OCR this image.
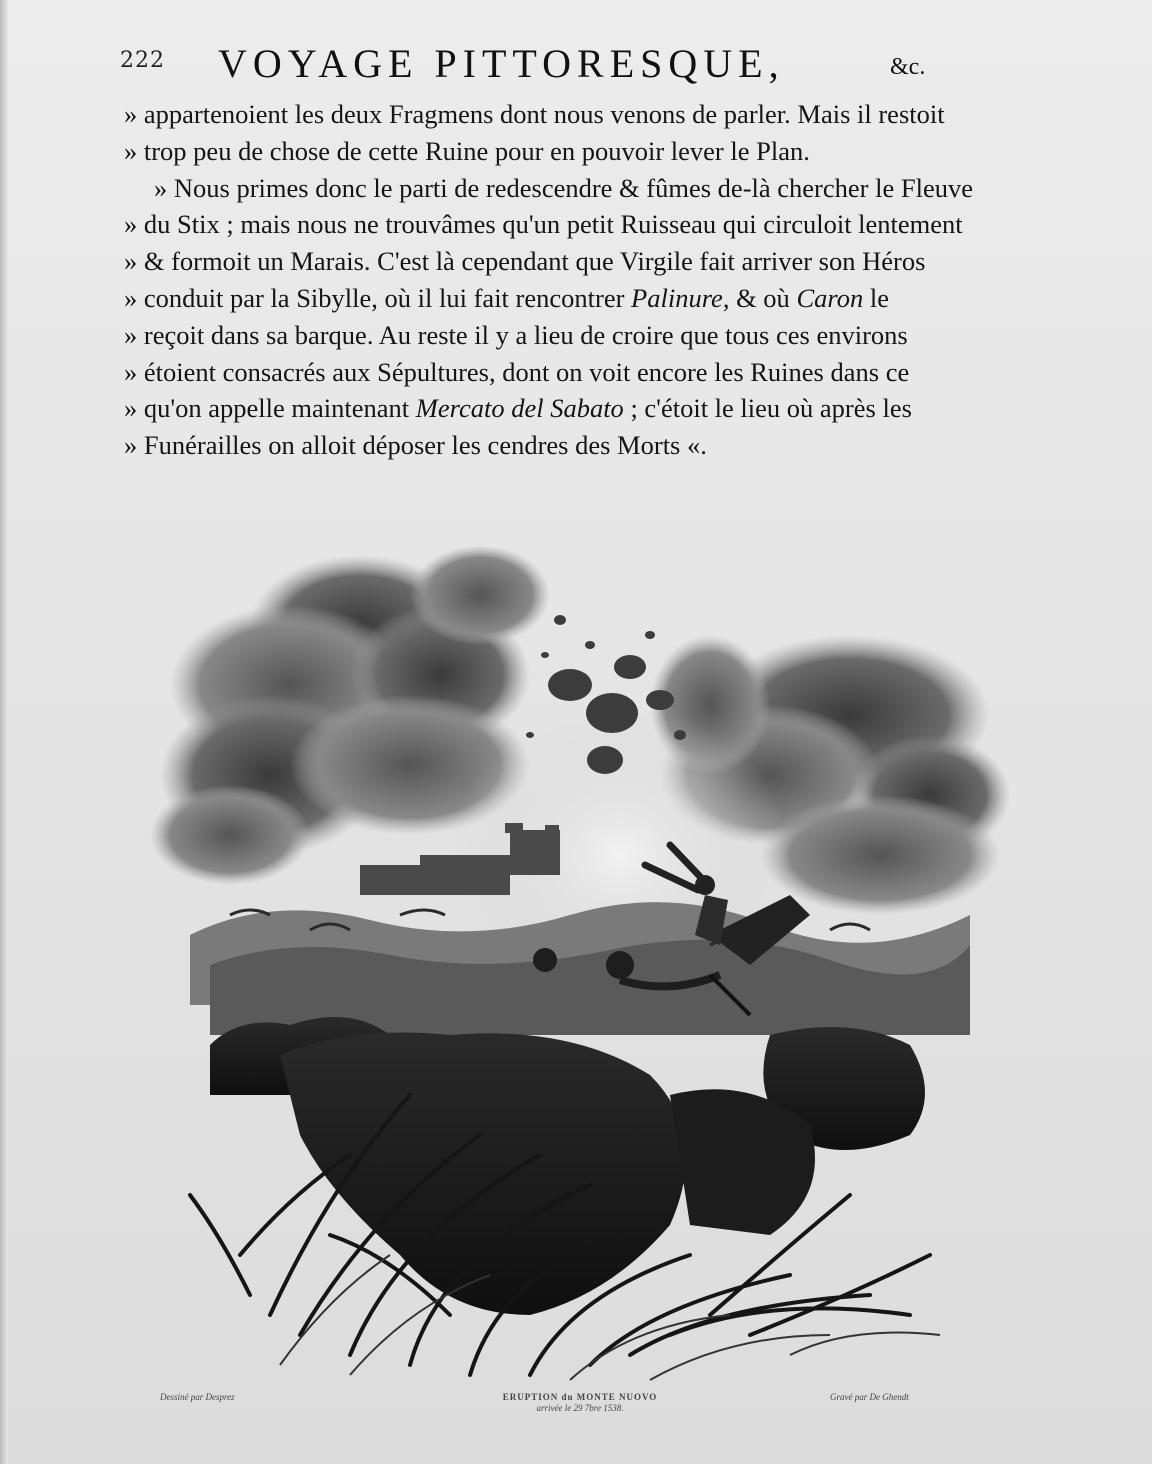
222 VOYAGE PITTORESQUE,	&c.
» appartenoient les deux Fragmens dont nous venons de parler. Mais il restoit
» trop peu de chose de cette Ruine pour en pouvoir lever le Plan.
» Nous primes donc le parti de redescendre & fûmes de-là chercher le Fleuve
» du Stix ; mais nous ne trouvâmes qu'un petit Ruisseau qui circuloit lentement
» & formoit un Marais. C'est là cependant que Virgile fait arriver son Héros
» conduit par la Sibylle, où il lui fait rencontrer Palinure, & où Caron le
» reçoit dans sa barque. Au reste il y a lieu de croire que tous ces environs
» étoient consacrés aux Sépultures, dont on voit encore les Ruines dans ce
» qu'on appelle maintenant Mercato del Sabato ; c'étoit le lieu où après les
» Funérailles on alloit déposer les cendres des Morts «.
Dessiné par Desprez	ERUPTION du MONTE NUOVO
arrivée le 29 7bre 1538.
Gravé par De Ghendt
